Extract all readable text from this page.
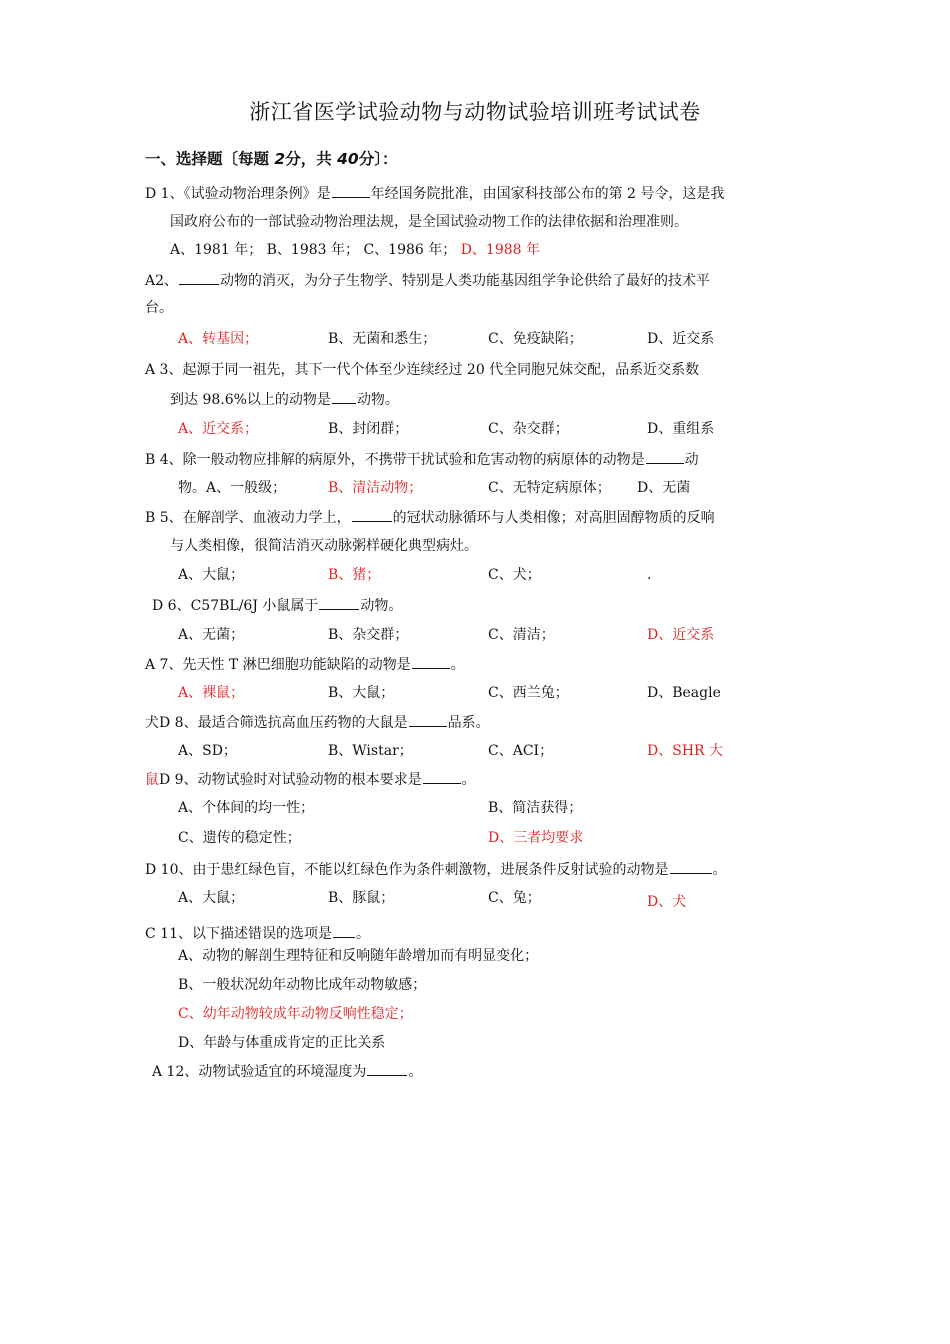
浙江省医学试验动物与动物试验培训班考试试卷
一、选择题〔每题 2分，共 40分〕：
D 1、《试验动物治理条例》是	年经国务院批准，由国家科技部公布的第 2 号令，这是我
国政府公布的一部试验动物治理法规，是全国试验动物工作的法律依据和治理准则。
A、1981 年； B、1983 年； C、1986 年； D、1988 年
A2、	动物的消灭，为分子生物学、特别是人类功能基因组学争论供给了最好的技术平
台。
A、转基因；	B、无菌和悉生；	C、免疫缺陷；	D、近交系
A 3、起源于同一祖先，其下一代个体至少连续经过 20 代全同胞兄妹交配，品系近交系数
到达 98.6%以上的动物是 动物。
A、近交系；	B、封闭群；	C、杂交群；	D、重组系
B 4、除一般动物应排解的病原外，不携带干扰试验和危害动物的病原体的动物是	动
物。A、一般级；	B、清洁动物；	C、无特定病原体； D、无菌
B 5、在解剖学、血液动力学上，	的冠状动脉循环与人类相像；对高胆固醇物质的反响
与人类相像，很简洁消灭动脉粥样硬化典型病灶。
A、大鼠；	B、猪；	C、犬；	.
D 6、C57BL/6J 小鼠属于	动物。
A、无菌；	B、杂交群；	C、清洁；	D、近交系
A 7、先天性 T 淋巴细胞功能缺陷的动物是	。
A、裸鼠；	B、大鼠；	C、西兰兔；	D、Beagle
犬D 8、最适合筛选抗高血压药物的大鼠是	品系。
A、SD；	B、Wistar；	C、ACI；	D、SHR 大
鼠D 9、动物试验时对试验动物的根本要求是	。
A、个体间的均一性；	B、简洁获得；
C、遗传的稳定性；	D、三者均要求
D 10、由于患红绿色盲，不能以红绿色作为条件刺激物，进展条件反射试验的动物是	。
A、大鼠；	B、豚鼠；	C、兔；	D、犬
C 11、以下描述错误的选项是 。
A、动物的解剖生理特征和反响随年龄增加而有明显变化；
B、一般状况幼年动物比成年动物敏感；
C、幼年动物较成年动物反响性稳定；
D、年龄与体重成肯定的正比关系
A 12、动物试验适宜的环境湿度为	。
